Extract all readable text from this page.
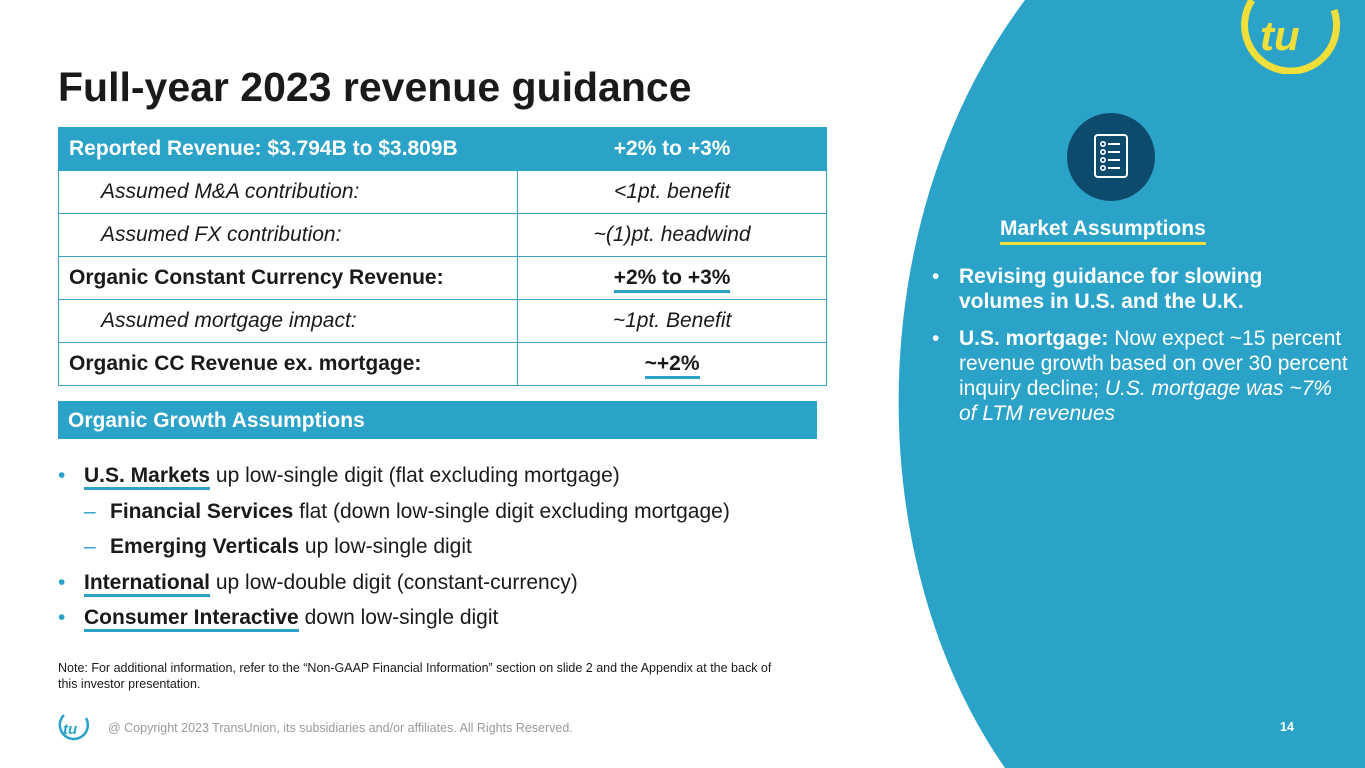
tu
Full-year 2023 revenue guidance
Reported Revenue: $3.794B to $3.809B	+2% to +3%
Assumed M&A contribution:	<1pt. benefit
Assumed FX contribution:	~(1)pt. headwind
Organic Constant Currency Revenue:	+2% to +3%
Assumed mortgage impact:	~1pt. Benefit
Organic CC Revenue ex. mortgage:	~+2%
Organic Growth Assumptions
• U.S. Markets up low-single digit (flat excluding mortgage)
– Financial Services flat (down low-single digit excluding mortgage)
– Emerging Verticals up low-single digit
• International up low-double digit (constant-currency)
• Consumer Interactive down low-single digit
Note: For additional information, refer to the “Non-GAAP Financial Information” section on slide 2 and the Appendix at the back of this investor presentation.
tu @ Copyright 2023 TransUnion, its subsidiaries and/or affiliates. All Rights Reserved.	14
Market Assumptions
• Revising guidance for slowing volumes in U.S. and the U.K.
• U.S. mortgage: Now expect ~15 percent revenue growth based on over 30 percent inquiry decline; U.S. mortgage was ~7% of LTM revenues
